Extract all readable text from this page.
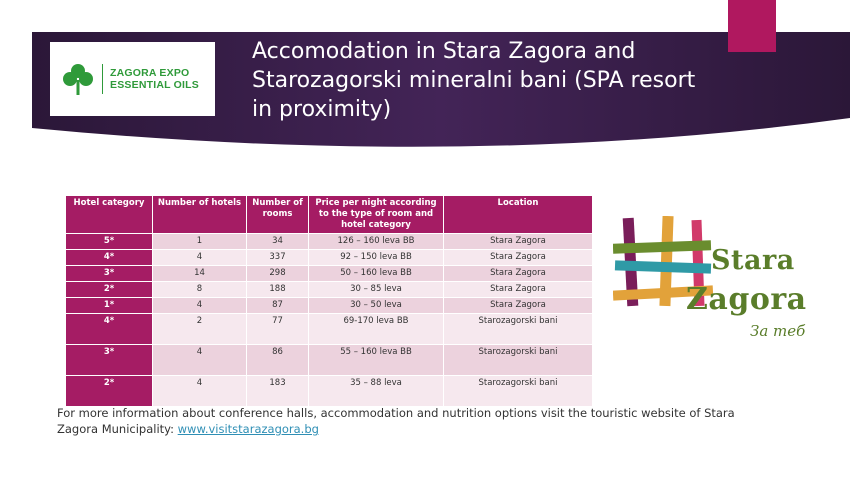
ZAGORA EXPO
ESSENTIAL OILS
Accomodation in Stara Zagora and Starozagorski mineralni bani (SPA resort in proximity)
Hotel category	Number of hotels	Number of rooms	Price per night according to the type of room and hotel category	Location
5*	1	34	126 – 160 leva BB	Stara Zagora
4*	4	337	92 – 150 leva BB	Stara Zagora
3*	14	298	50 – 160 leva BB	Stara Zagora
2*	8	188	30 – 85 leva	Stara Zagora
1*	4	87	30 – 50 leva	Stara Zagora
4*	2	77	69-170 leva BB	Starozagorski bani
3*	4	86	55 – 160 leva BB	Starozagorski bani
2*	4	183	35 – 88 leva	Starozagorski bani
Stara
Zagora
За теб
For more information about conference halls, accommodation and nutrition options visit the touristic website of Stara Zagora Municipality: www.visitstarazagora.bg
